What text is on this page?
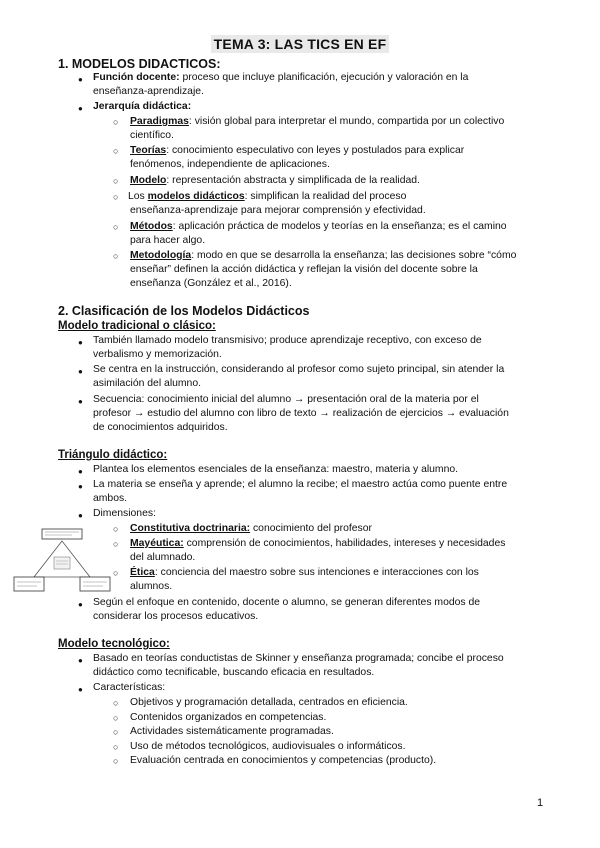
TEMA 3: LAS TICS EN EF
1. MODELOS DIDACTICOS:
● Función docente: proceso que incluye planificación, ejecución y valoración en la
enseñanza-aprendizaje.
● Jerarquía didáctica:
○ Paradigmas: visión global para interpretar el mundo, compartida por un colectivo
científico.
○ Teorías: conocimiento especulativo con leyes y postulados para explicar
fenómenos, independiente de aplicaciones.
○ Modelo: representación abstracta y simplificada de la realidad.
○ Los modelos didácticos: simplifican la realidad del proceso
enseñanza-aprendizaje para mejorar comprensión y efectividad.
○ Métodos: aplicación práctica de modelos y teorías en la enseñanza; es el camino
para hacer algo.
○ Metodología: modo en que se desarrolla la enseñanza; las decisiones sobre “cómo
enseñar” definen la acción didáctica y reflejan la visión del docente sobre la
enseñanza (González et al., 2016).
2. Clasificación de los Modelos Didácticos
Modelo tradicional o clásico:
● También llamado modelo transmisivo; produce aprendizaje receptivo, con exceso de
verbalismo y memorización.
● Se centra en la instrucción, considerando al profesor como sujeto principal, sin atender la
asimilación del alumno.
● Secuencia: conocimiento inicial del alumno → presentación oral de la materia por el
profesor → estudio del alumno con libro de texto → realización de ejercicios → evaluación
de conocimientos adquiridos.
Triángulo didáctico:
● Plantea los elementos esenciales de la enseñanza: maestro, materia y alumno.
● La materia se enseña y aprende; el alumno la recibe; el maestro actúa como puente entre
ambos.
● Dimensiones:
○ Constitutiva doctrinaria: conocimiento del profesor
○ Mayéutica: comprensión de conocimientos, habilidades, intereses y necesidades
del alumnado.
○ Ética: conciencia del maestro sobre sus intenciones e interacciones con los
alumnos.
● Según el enfoque en contenido, docente o alumno, se generan diferentes modos de
considerar los procesos educativos.
Modelo tecnológico:
● Basado en teorías conductistas de Skinner y enseñanza programada; concibe el proceso
didáctico como tecnificable, buscando eficacia en resultados.
● Características:
○ Objetivos y programación detallada, centrados en eficiencia.
○ Contenidos organizados en competencias.
○ Actividades sistemáticamente programadas.
○ Uso de métodos tecnológicos, audiovisuales o informáticos.
○ Evaluación centrada en conocimientos y competencias (producto).
1
